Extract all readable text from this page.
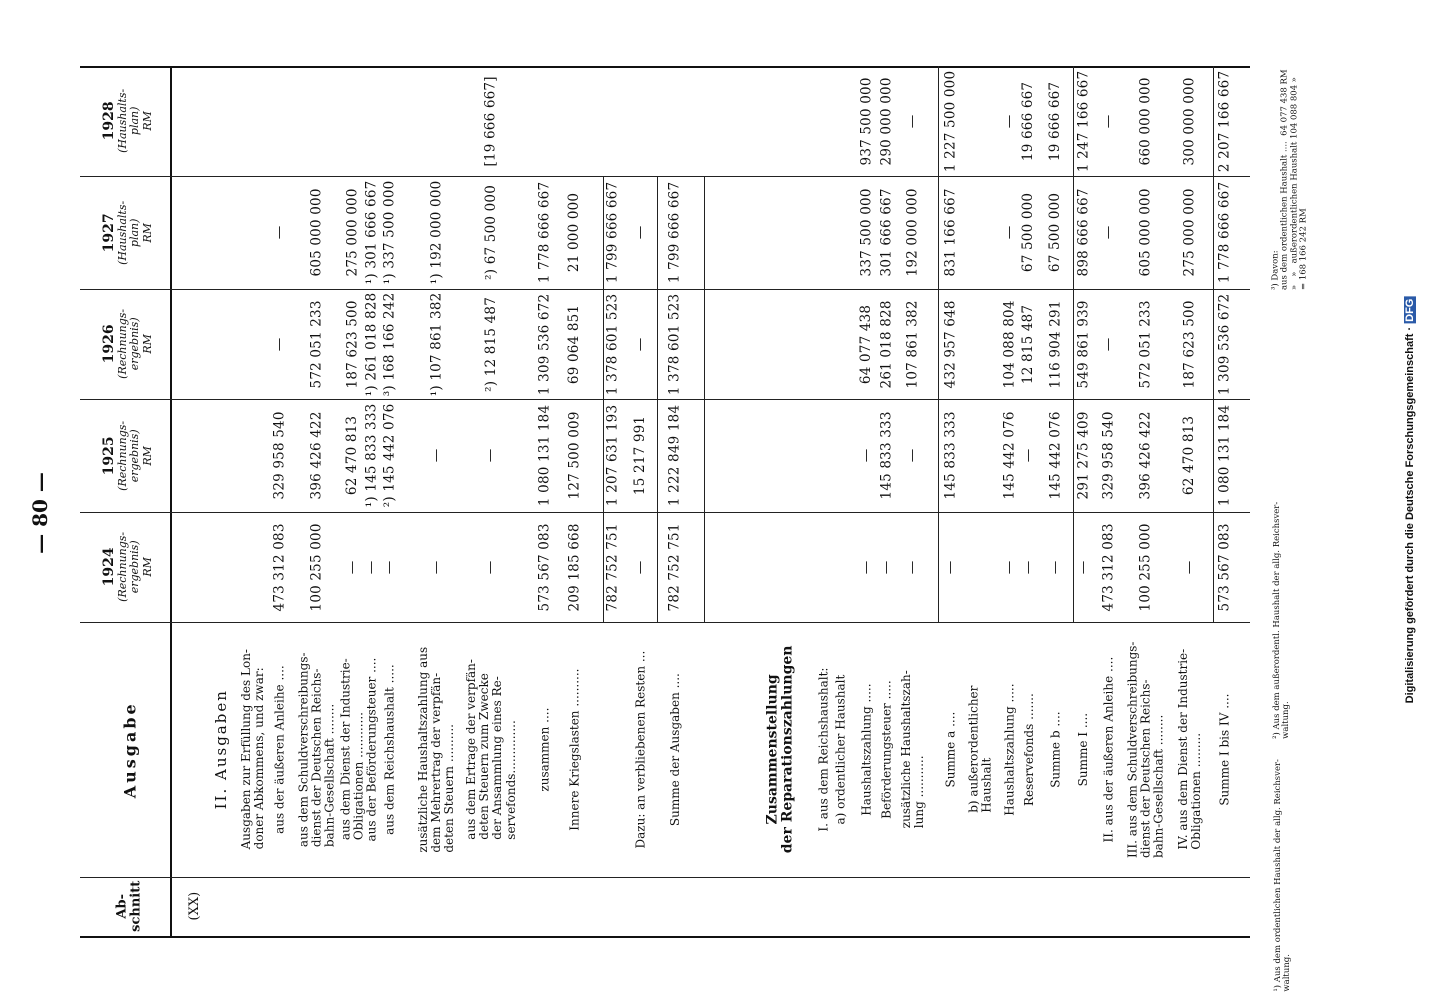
— 80 —
Ab-
schnitt
Ausgabe
1924 (Rechnungs-
ergebnis) RM
1925 (Rechnungs-
ergebnis) RM
1926 (Rechnungs-
ergebnis) RM
1927 (Haushalts-
plan) RM
1928 (Haushalts-
plan) RM
(XX)
II. Ausgaben
Ausgaben zur Erfüllung des Lon-
doner Abkommens, und zwar: aus der äußeren Anleihe ....
473 312 083
329 958 540
—
—
aus dem Schuldverschreibungs-
dienst der Deutschen Reichs-
bahn-Gesellschaft ........
100 255 000
396 426 422
572 051 233
605 000 000
aus dem Dienst der Industrie-
Obligationen ............
—
62 470 813
187 623 500
275 000 000
aus der Beförderungsteuer ....
—
¹) 145 833 333
¹) 261 018 828
¹) 301 666 667
aus dem Reichshaushalt .....
—
²) 145 442 076
³) 168 166 242
¹) 337 500 000
zusätzliche Haushaltszahlung aus
dem Mehrertrag der verpfän-
deten Steuern ..........
—
—
¹) 107 861 382
¹) 192 000 000
aus dem Ertrage der verpfän-
deten Steuern zum Zwecke
der Ansammlung eines Re-
servefonds..............
—
—
²) 12 815 487
²) 67 500 000
[19 666 667]
zusammen ....
573 567 083
1 080 131 184
1 309 536 672
1 778 666 667
Innere Kriegslasten ..........
209 185 668
127 500 009
69 064 851
21 000 000
782 752 751
1 207 631 193
1 378 601 523
1 799 666 667
Dazu: an verbliebenen Resten ...
—
15 217 991
—
—
Summe der Ausgaben ....
782 752 751
1 222 849 184
1 378 601 523
1 799 666 667
I. aus dem Reichshaushalt: a) ordentlicher Haushalt Haushaltszahlung .....
—
—
64 077 438
337 500 000
937 500 000
Beförderungsteuer .....
—
145 833 333
261 018 828
301 666 667
290 000 000
zusätzliche Haushaltszah-
lung ...........
—
—
107 861 382
192 000 000
—
Summe a ....
—
145 833 333
432 957 648
831 166 667
1 227 500 000
b) außerordentlicher
Haushalt Haushaltszahlung .....
—
145 442 076
104 088 804
—
—
Reservefonds .......
—
—
12 815 487
67 500 000
19 666 667
Summe b ....
—
145 442 076
116 904 291
67 500 000
19 666 667
Summe I ....
—
291 275 409
549 861 939
898 666 667
1 247 166 667
II. aus der äußeren Anleihe ....
473 312 083
329 958 540
—
—
—
III. aus dem Schuldverschreibungs-
dienst der Deutschen Reichs-
bahn-Gesellschaft ........
100 255 000
396 426 422
572 051 233
605 000 000
660 000 000
IV. aus dem Dienst der Industrie-
Obligationen .........
—
62 470 813
187 623 500
275 000 000
300 000 000
Summe I bis IV ....
573 567 083
1 080 131 184
1 309 536 672
1 778 666 667
2 207 166 667
Zusammenstellung
der Reparationszahlungen
¹) Aus dem ordentlichen Haushalt der allg. Reichsver-
waltung.
²) Aus dem außerordentl. Haushalt der allg. Reichsver-
waltung.
³) Davon:
aus dem ordentlichen Haushalt ....  64 077 438 RM
»   »   außerordentlichen Haushalt 104 088 804 »
= 168 166 242 RM
Digitalisierung gefördert durch die Deutsche Forschungsgemeinschaft ·DFG
